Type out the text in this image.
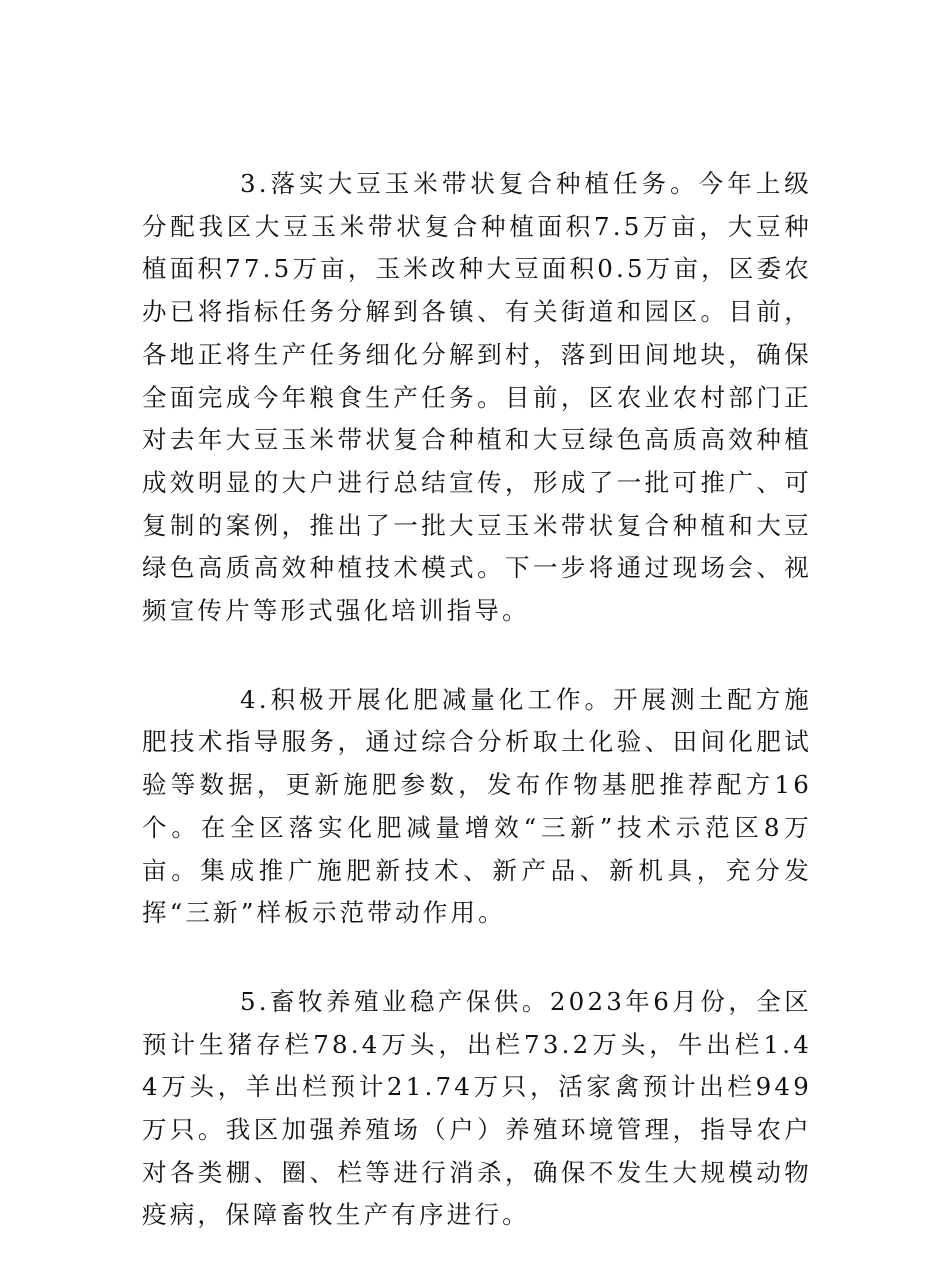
3.落实大豆玉米带状复合种植任务。今年上级分配我区大豆玉米带状复合种植面积7.5万亩，大豆种植面积77.5万亩，玉米改种大豆面积0.5万亩，区委农办已将指标任务分解到各镇、有关街道和园区。目前，各地正将生产任务细化分解到村，落到田间地块，确保全面完成今年粮食生产任务。目前，区农业农村部门正对去年大豆玉米带状复合种植和大豆绿色高质高效种植成效明显的大户进行总结宣传，形成了一批可推广、可复制的案例，推出了一批大豆玉米带状复合种植和大豆绿色高质高效种植技术模式。下一步将通过现场会、视频宣传片等形式强化培训指导。

4.积极开展化肥减量化工作。开展测土配方施肥技术指导服务，通过综合分析取土化验、田间化肥试验等数据，更新施肥参数，发布作物基肥推荐配方16个。在全区落实化肥减量增效“三新”技术示范区8万亩。集成推广施肥新技术、新产品、新机具，充分发挥“三新”样板示范带动作用。

5.畜牧养殖业稳产保供。2023年6月份，全区预计生猪存栏78.4万头，出栏73.2万头，牛出栏1.44万头，羊出栏预计21.74万只，活家禽预计出栏949万只。我区加强养殖场（户）养殖环境管理，指导农户对各类棚、圈、栏等进行消杀，确保不发生大规模动物疫病，保障畜牧生产有序进行。
